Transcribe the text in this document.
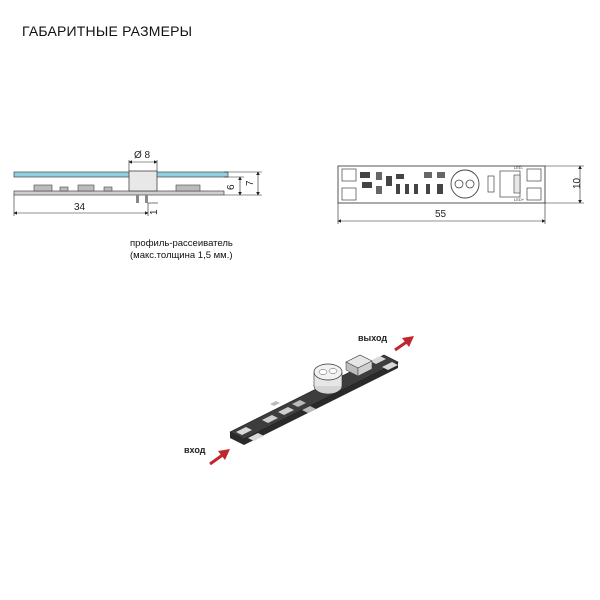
ГАБАРИТНЫЕ РАЗМЕРЫ
профиль-рассеиватель
(макс.толщина 1,5 мм.)
Ø 8
34	1
6
7
LED-
LED+
55
10
вход
выход
